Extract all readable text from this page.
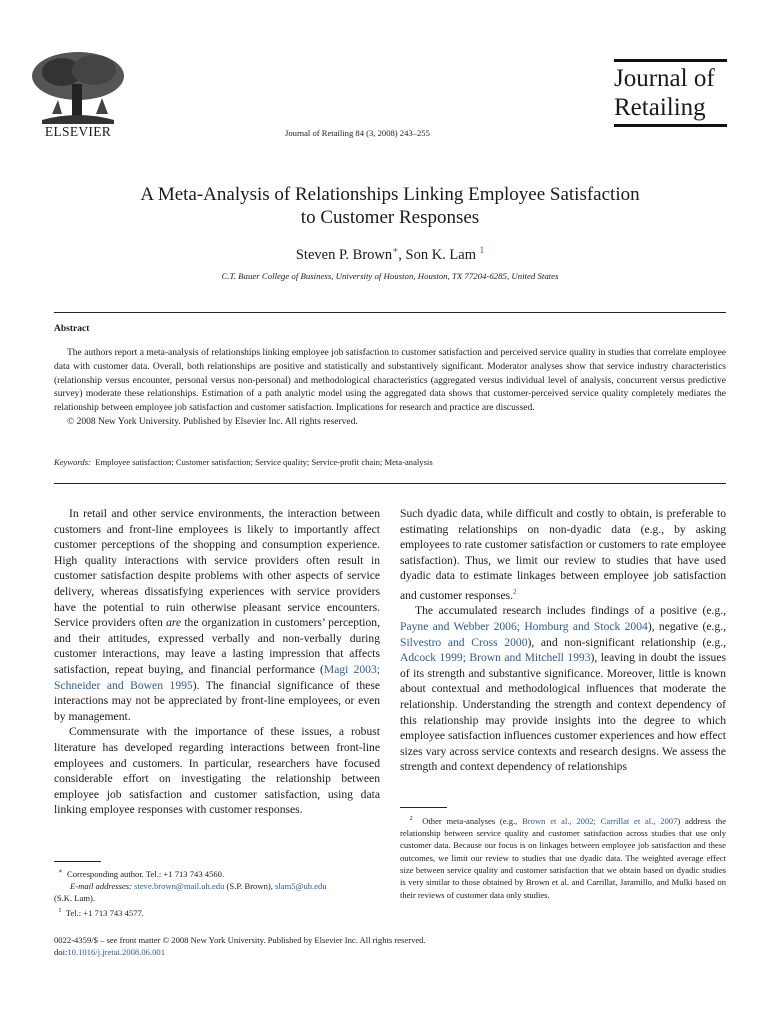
ELSEVIER	Journal of Retailing 84 (3, 2008) 243–255
Journal of
Retailing
A Meta-Analysis of Relationships Linking Employee Satisfaction
to Customer Responses
Steven P. Brown∗, Son K. Lam $^1$
C.T. Bauer College of Business, University of Houston, Houston, TX 77204-6285, United States
Abstract

The authors report a meta-analysis of relationships linking employee job satisfaction to customer satisfaction and perceived service quality in studies that correlate employee data with customer data. Overall, both relationships are positive and statistically and substantively significant. Moderator analyses show that service industry characteristics (relationship versus encounter, personal versus non-personal) and methodological characteristics (aggregated versus individual level of analysis, concurrent versus predictive survey) moderate these relationships. Estimation of a path analytic model using the aggregated data shows that customer-perceived service quality completely mediates the relationship between employee job satisfaction and customer satisfaction. Implications for research and practice are discussed.

© 2008 New York University. Published by Elsevier Inc. All rights reserved.

Keywords: Employee satisfaction; Customer satisfaction; Service quality; Service-profit chain; Meta-analysis

In retail and other service environments, the interaction between customers and front-line employees is likely to importantly affect customer perceptions of the shopping and consumption experience. High quality interactions with service providers often result in customer satisfaction despite problems with other aspects of service delivery, whereas dissatisfying experiences with service providers have the potential to ruin otherwise pleasant service encounters. Service providers often are the organization in customers’ perception, and their attitudes, expressed verbally and non-verbally during customer interactions, may leave a lasting impression that affects satisfaction, repeat buying, and financial performance (Magi 2003; Schneider and Bowen 1995). The financial significance of these interactions may not be appreciated by front-line employees, or even by management.

Commensurate with the importance of these issues, a robust literature has developed regarding interactions between front-line employees and customers. In particular, researchers have focused considerable effort on investigating the relationship between employee job satisfaction and customer satisfaction, using data linking employee responses with customer responses.

Such dyadic data, while difficult and costly to obtain, is preferable to estimating relationships on non-dyadic data (e.g., by asking employees to rate customer satisfaction or customers to rate employee satisfaction). Thus, we limit our review to studies that have used dyadic data to estimate linkages between employee job satisfaction and customer responses.$^2$

The accumulated research includes findings of a positive (e.g., Payne and Webber 2006; Homburg and Stock 2004), negative (e.g., Silvestro and Cross 2000), and non-significant relationship (e.g., Adcock 1999; Brown and Mitchell 1993), leaving in doubt the issues of its strength and substantive significance. Moreover, little is known about contextual and methodological influences that moderate the relationship. Understanding the strength and context dependency of this relationship may provide insights into the degree to which employee satisfaction influences customer experiences and how effect sizes vary across service contexts and research designs. We assess the strength and context dependency of relationships

∗ Corresponding author. Tel.: +1 713 743 4560.

E-mail addresses: steve.brown@mail.uh.edu (S.P. Brown), slam5@uh.edu

(S.K. Lam).

$^1$ Tel.: +1 713 743 4577.

$^2$ Other meta-analyses (e.g., Brown et al., 2002; Carrillat et al., 2007) address the relationship between service quality and customer satisfaction across studies that use only customer data. Because our focus is on linkages between employee job satisfaction and these outcomes, we limit our review to studies that use dyadic data. The weighted average effect size between service quality and customer satisfaction that we obtain based on dyadic studies is very similar to those obtained by Brown et al. and Carrillat, Jaramillo, and Mulki based on their reviews of customer data only studies.

0022-4359/$ – see front matter © 2008 New York University. Published by Elsevier Inc. All rights reserved.

doi:10.1016/j.jretai.2008.06.001
